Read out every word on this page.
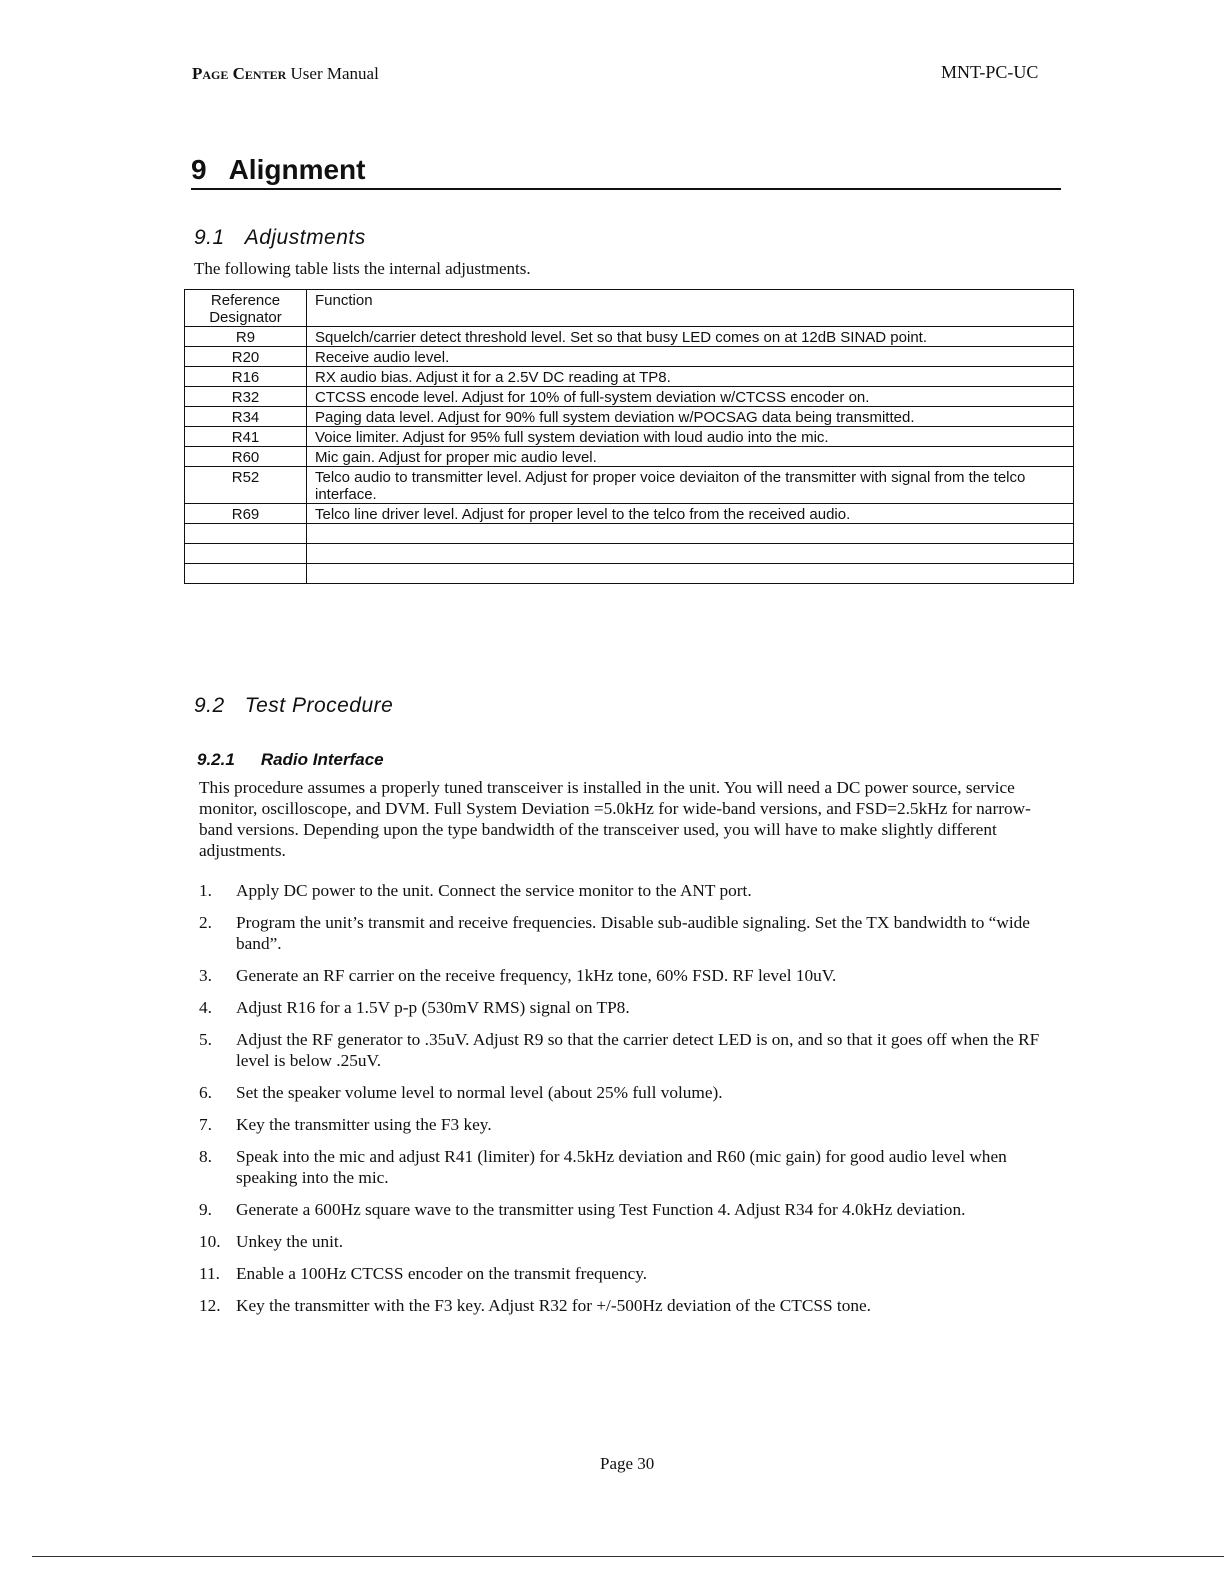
Page Center User Manual	MNT-PC-UC
9 Alignment
9.1 Adjustments
The following table lists the internal adjustments.
Reference Designator	Function
R9	Squelch/carrier detect threshold level. Set so that busy LED comes on at 12dB SINAD point.
R20	Receive audio level.
R16	RX audio bias. Adjust it for a 2.5V DC reading at TP8.
R32	CTCSS encode level. Adjust for 10% of full-system deviation w/CTCSS encoder on.
R34	Paging data level. Adjust for 90% full system deviation w/POCSAG data being transmitted.
R41	Voice limiter. Adjust for 95% full system deviation with loud audio into the mic.
R60	Mic gain. Adjust for proper mic audio level.
R52	Telco audio to transmitter level. Adjust for proper voice deviaiton of the transmitter with signal from the telco interface.
R69	Telco line driver level. Adjust for proper level to the telco from the received audio.

9.2 Test Procedure
9.2.1 Radio Interface
This procedure assumes a properly tuned transceiver is installed in the unit. You will need a DC power source, service monitor, oscilloscope, and DVM. Full System Deviation =5.0kHz for wide-band versions, and FSD=2.5kHz for narrow-band versions. Depending upon the type bandwidth of the transceiver used, you will have to make slightly different adjustments.
1. Apply DC power to the unit. Connect the service monitor to the ANT port.
2. Program the unit’s transmit and receive frequencies. Disable sub-audible signaling. Set the TX bandwidth to “wide band”.
3. Generate an RF carrier on the receive frequency, 1kHz tone, 60% FSD. RF level 10uV.
4. Adjust R16 for a 1.5V p-p (530mV RMS) signal on TP8.
5. Adjust the RF generator to .35uV. Adjust R9 so that the carrier detect LED is on, and so that it goes off when the RF level is below .25uV.
6. Set the speaker volume level to normal level (about 25% full volume).
7. Key the transmitter using the F3 key.
8. Speak into the mic and adjust R41 (limiter) for 4.5kHz deviation and R60 (mic gain) for good audio level when speaking into the mic.
9. Generate a 600Hz square wave to the transmitter using Test Function 4. Adjust R34 for 4.0kHz deviation.
10. Unkey the unit.
11. Enable a 100Hz CTCSS encoder on the transmit frequency.
12. Key the transmitter with the F3 key. Adjust R32 for +/-500Hz deviation of the CTCSS tone.
Page 30
